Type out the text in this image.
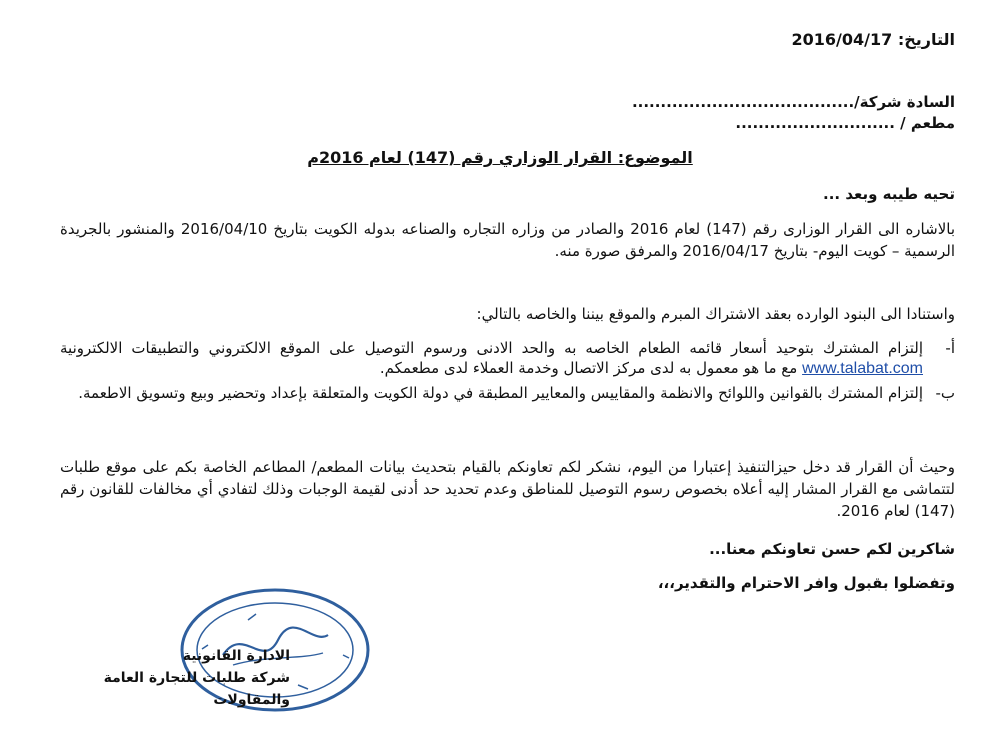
التاريخ: 2016/04/17
السادة شركة/.......................................
مطعم / ............................
الموضوع: القرار الوزاري رقم (147) لعام 2016م
تحيه طيبه وبعد ...
بالاشاره الى القرار الوزارى رقم (147) لعام 2016 والصادر من وزاره التجاره والصناعه بدوله الكويت بتاريخ 2016/04/10 والمنشور بالجريدة الرسمية – كويت اليوم- بتاريخ 2016/04/17 والمرفق صورة منه.
واستنادا الى البنود الوارده بعقد الاشتراك المبرم والموقع بيننا والخاصه بالتالي:
أ-
إلتزام المشترك بتوحيد أسعار قائمه الطعام الخاصه به والحد الادنى ورسوم التوصيل على الموقع الالكتروني والتطبيقات الالكترونية www.talabat.com مع ما هو معمول به لدى مركز الاتصال وخدمة العملاء لدى مطعمكم.
ب-
إلتزام المشترك بالقوانين واللوائح والانظمة والمقاييس والمعايير المطبقة في دولة الكويت والمتعلقة بإعداد وتحضير وبيع وتسويق الاطعمة.
وحيث أن القرار قد دخل حيزالتنفيذ إعتبارا من اليوم، نشكر لكم تعاونكم بالقيام بتحديث بيانات المطعم/ المطاعم الخاصة بكم على موقع طلبات لتتماشى مع القرار المشار إليه أعلاه بخصوص رسوم التوصيل للمناطق وعدم تحديد حد أدنى لقيمة الوجبات وذلك لتفادي أي مخالفات للقانون رقم (147) لعام 2016.
شاكرين لكم حسن تعاونكم معنا...
وتفضلوا بقبول وافر الاحترام والتقدير،،،
الادارة القانونية
شركة طلبات للتجارة العامة والمقاولات
